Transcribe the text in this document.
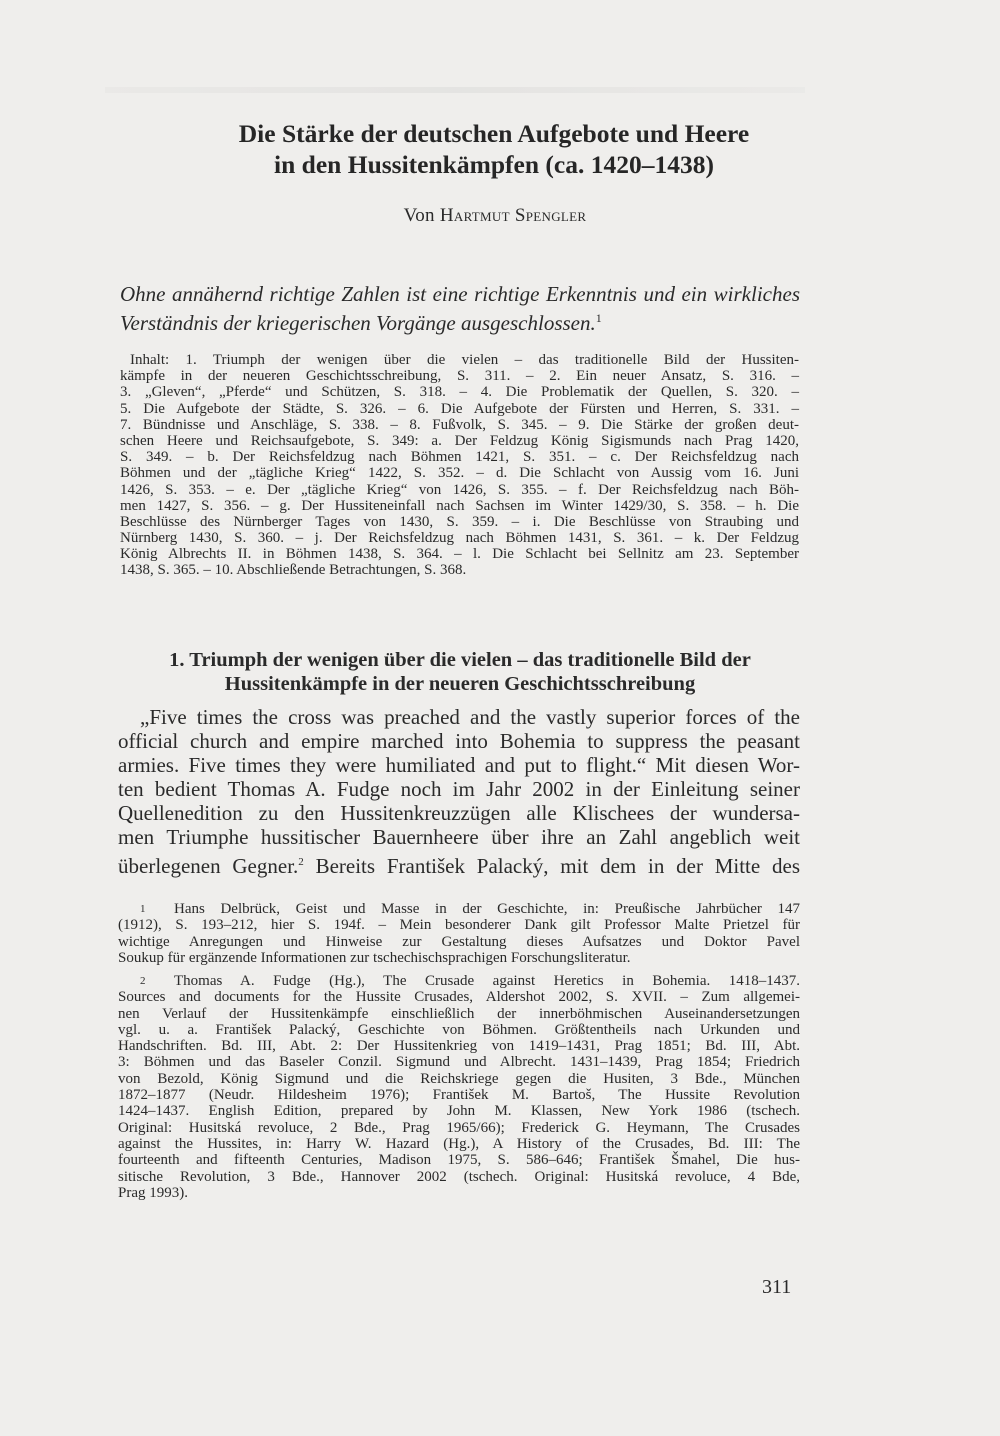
Die Stärke der deutschen Aufgebote und Heere
in den Hussitenkämpfen (ca. 1420–1438)
Von Hartmut Spengler
Ohne annähernd richtige Zahlen ist eine richtige Erkenntnis und ein wirkliches Verständnis der kriegerischen Vorgänge ausgeschlossen.$^1$
Inhalt: 1. Triumph der wenigen über die vielen – das traditionelle Bild der Hussiten-
kämpfe in der neueren Geschichtsschreibung, S. 311. – 2. Ein neuer Ansatz, S. 316. –
3. „Gleven“, „Pferde“ und Schützen, S. 318. – 4. Die Problematik der Quellen, S. 320. –
5. Die Aufgebote der Städte, S. 326. – 6. Die Aufgebote der Fürsten und Herren, S. 331. –
7. Bündnisse und Anschläge, S. 338. – 8. Fußvolk, S. 345. – 9. Die Stärke der großen deut-
schen Heere und Reichsaufgebote, S. 349: a. Der Feldzug König Sigismunds nach Prag 1420,
S. 349. – b. Der Reichsfeldzug nach Böhmen 1421, S. 351. – c. Der Reichsfeldzug nach
Böhmen und der „tägliche Krieg“ 1422, S. 352. – d. Die Schlacht von Aussig vom 16. Juni
1426, S. 353. – e. Der „tägliche Krieg“ von 1426, S. 355. – f. Der Reichsfeldzug nach Böh-
men 1427, S. 356. – g. Der Hussiteneinfall nach Sachsen im Winter 1429/30, S. 358. – h. Die
Beschlüsse des Nürnberger Tages von 1430, S. 359. – i. Die Beschlüsse von Straubing und
Nürnberg 1430, S. 360. – j. Der Reichsfeldzug nach Böhmen 1431, S. 361. – k. Der Feldzug
König Albrechts II. in Böhmen 1438, S. 364. – l. Die Schlacht bei Sellnitz am 23. September
1438, S. 365. – 10. Abschließende Betrachtungen, S. 368.
1. Triumph der wenigen über die vielen – das traditionelle Bild der
Hussitenkämpfe in der neueren Geschichtsschreibung
„Five times the cross was preached and the vastly superior forces of the
official church and empire marched into Bohemia to suppress the peasant
armies. Five times they were humiliated and put to flight.“ Mit diesen Wor-
ten bedient Thomas A. Fudge noch im Jahr 2002 in der Einleitung seiner
Quellenedition zu den Hussitenkreuzzügen alle Klischees der wundersa-
men Triumphe hussitischer Bauernheere über ihre an Zahl angeblich weit
überlegenen Gegner.$^2$ Bereits František Palacký, mit dem in der Mitte des
1 Hans Delbrück, Geist und Masse in der Geschichte, in: Preußische Jahrbücher 147
(1912), S. 193–212, hier S. 194f. – Mein besonderer Dank gilt Professor Malte Prietzel für
wichtige Anregungen und Hinweise zur Gestaltung dieses Aufsatzes und Doktor Pavel
Soukup für ergänzende Informationen zur tschechischsprachigen Forschungsliteratur.
2 Thomas A. Fudge (Hg.), The Crusade against Heretics in Bohemia. 1418–1437.
Sources and documents for the Hussite Crusades, Aldershot 2002, S. XVII. – Zum allgemei-
nen Verlauf der Hussitenkämpfe einschließlich der innerböhmischen Auseinandersetzungen
vgl. u. a. František Palacký, Geschichte von Böhmen. Größtentheils nach Urkunden und
Handschriften. Bd. III, Abt. 2: Der Hussitenkrieg von 1419–1431, Prag 1851; Bd. III, Abt.
3: Böhmen und das Baseler Conzil. Sigmund und Albrecht. 1431–1439, Prag 1854; Friedrich
von Bezold, König Sigmund und die Reichskriege gegen die Husiten, 3 Bde., München
1872–1877 (Neudr. Hildesheim 1976); František M. Bartoš, The Hussite Revolution
1424–1437. English Edition, prepared by John M. Klassen, New York 1986 (tschech.
Original: Husitská revoluce, 2 Bde., Prag 1965/66); Frederick G. Heymann, The Crusades
against the Hussites, in: Harry W. Hazard (Hg.), A History of the Crusades, Bd. III: The
fourteenth and fifteenth Centuries, Madison 1975, S. 586–646; František Šmahel, Die hus-
sitische Revolution, 3 Bde., Hannover 2002 (tschech. Original: Husitská revoluce, 4 Bde,
Prag 1993).
311
